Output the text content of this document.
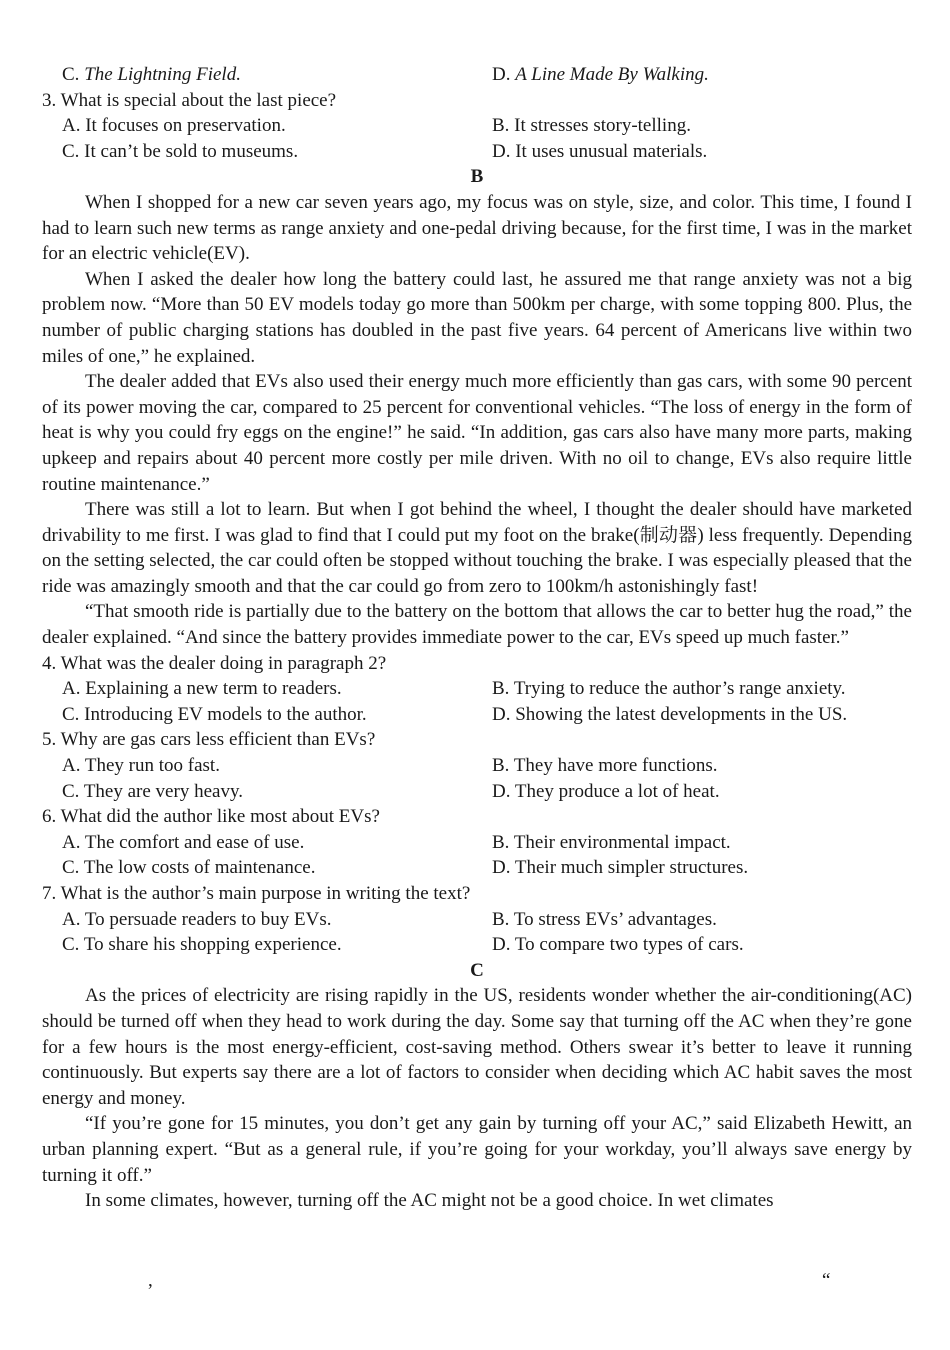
C. The Lightning Field.	D. A Line Made By Walking.
3. What is special about the last piece?
A. It focuses on preservation.	B. It stresses story-telling.
C. It can’t be sold to museums.	D. It uses unusual materials.
B

When I shopped for a new car seven years ago, my focus was on style, size, and color. This time, I found I had to learn such new terms as range anxiety and one-pedal driving because, for the first time, I was in the market for an electric vehicle(EV).

When I asked the dealer how long the battery could last, he assured me that range anxiety was not a big problem now. “More than 50 EV models today go more than 500km per charge, with some topping 800. Plus, the number of public charging stations has doubled in the past five years. 64 percent of Americans live within two miles of one,” he explained.

The dealer added that EVs also used their energy much more efficiently than gas cars, with some 90 percent of its power moving the car, compared to 25 percent for conventional vehicles. “The loss of energy in the form of heat is why you could fry eggs on the engine!” he said. “In addition, gas cars also have many more parts, making upkeep and repairs about 40 percent more costly per mile driven. With no oil to change, EVs also require little routine maintenance.”

There was still a lot to learn. But when I got behind the wheel, I thought the dealer should have marketed drivability to me first. I was glad to find that I could put my foot on the brake(制动器) less frequently. Depending on the setting selected, the car could often be stopped without touching the brake. I was especially pleased that the ride was amazingly smooth and that the car could go from zero to 100km/h astonishingly fast!

“That smooth ride is partially due to the battery on the bottom that allows the car to better hug the road,” the dealer explained. “And since the battery provides immediate power to the car, EVs speed up much faster.”

4. What was the dealer doing in paragraph 2?
A. Explaining a new term to readers.	B. Trying to reduce the author’s range anxiety.
C. Introducing EV models to the author.	D. Showing the latest developments in the US.
5. Why are gas cars less efficient than EVs?
A. They run too fast.	B. They have more functions.
C. They are very heavy.	D. They produce a lot of heat.
6. What did the author like most about EVs?
A. The comfort and ease of use.	B. Their environmental impact.
C. The low costs of maintenance.	D. Their much simpler structures.
7. What is the author’s main purpose in writing the text?
A. To persuade readers to buy EVs.	B. To stress EVs’ advantages.
C. To share his shopping experience.	D. To compare two types of cars.
C

As the prices of electricity are rising rapidly in the US, residents wonder whether the air-conditioning(AC) should be turned off when they head to work during the day. Some say that turning off the AC when they’re gone for a few hours is the most energy-efficient, cost-saving method. Others swear it’s better to leave it running continuously. But experts say there are a lot of factors to consider when deciding which AC habit saves the most energy and money.

“If you’re gone for 15 minutes, you don’t get any gain by turning off your AC,” said Elizabeth Hewitt, an urban planning expert. “But as a general rule, if you’re going for your workday, you’ll always save energy by turning it off.”

In some climates, however, turning off the AC might not be a good choice. In wet climates

,	“
